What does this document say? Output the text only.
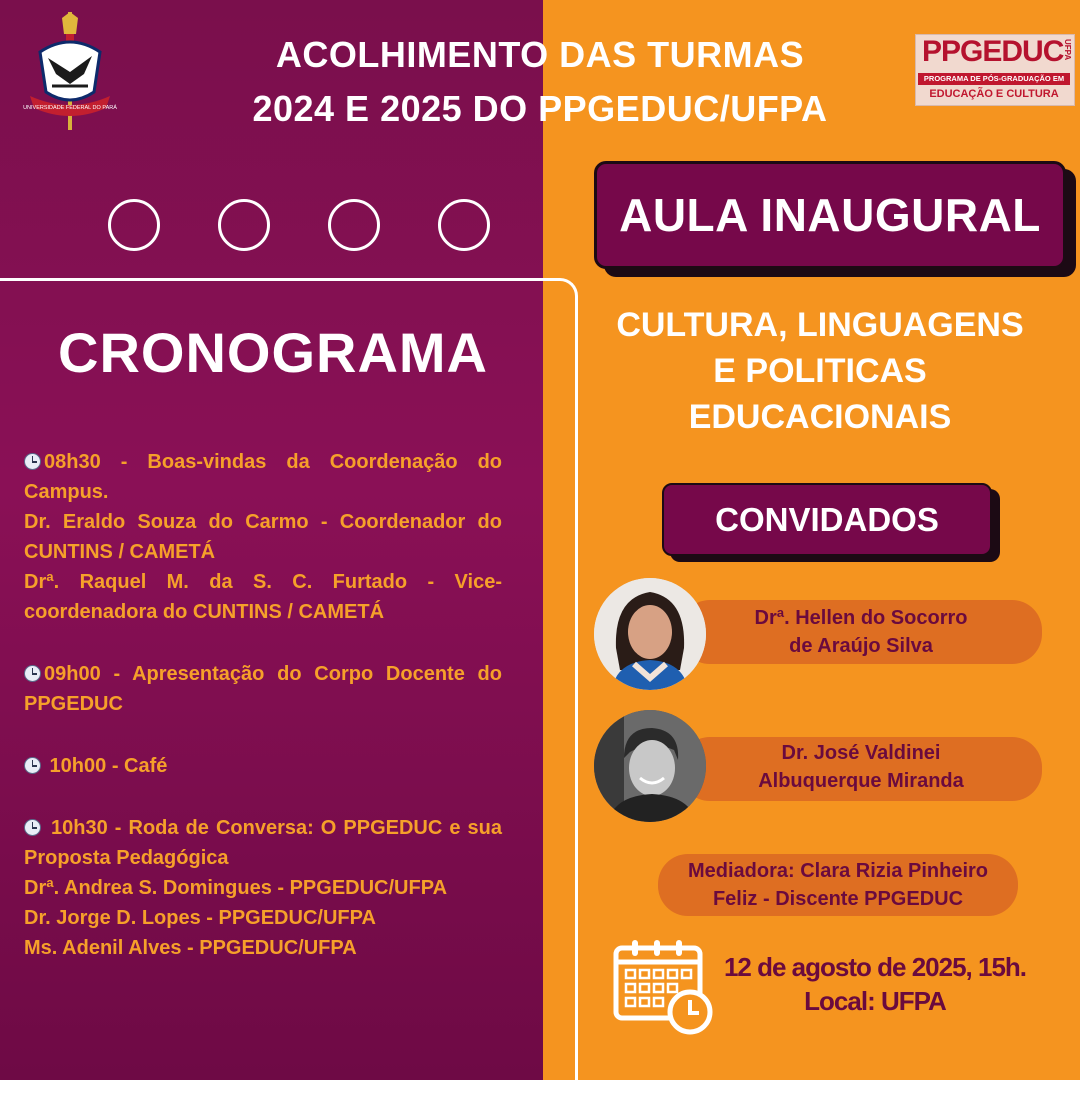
UNIVERSIDADE FEDERAL DO PARÁ
ACOLHIMENTO DAS TURMAS
2024 E 2025 DO PPGEDUC/UFPA
PPGEDUC UFPA
PROGRAMA DE PÓS-GRADUAÇÃO EM
EDUCAÇÃO E CULTURA
CRONOGRAMA

08h30 - Boas-vindas da Coordenação do Campus.
Dr. Eraldo Souza do Carmo - Coordenador do CUNTINS / CAMETÁ
Drª. Raquel M. da S. C. Furtado - Vice-coordenadora do CUNTINS / CAMETÁ

09h00 - Apresentação do Corpo Docente do PPGEDUC

10h00 - Café

10h30 - Roda de Conversa: O PPGEDUC e sua Proposta Pedagógica
Drª. Andrea S. Domingues - PPGEDUC/UFPA
Dr. Jorge D. Lopes - PPGEDUC/UFPA
Ms. Adenil Alves - PPGEDUC/UFPA

AULA INAUGURAL
CULTURA, LINGUAGENS
E POLITICAS
EDUCACIONAIS
CONVIDADOS
Drª. Hellen do Socorro
de Araújo Silva
Dr. José Valdinei
Albuquerque Miranda
Mediadora: Clara Rizia Pinheiro
Feliz - Discente PPGEDUC
12 de agosto de 2025, 15h.
Local: UFPA
